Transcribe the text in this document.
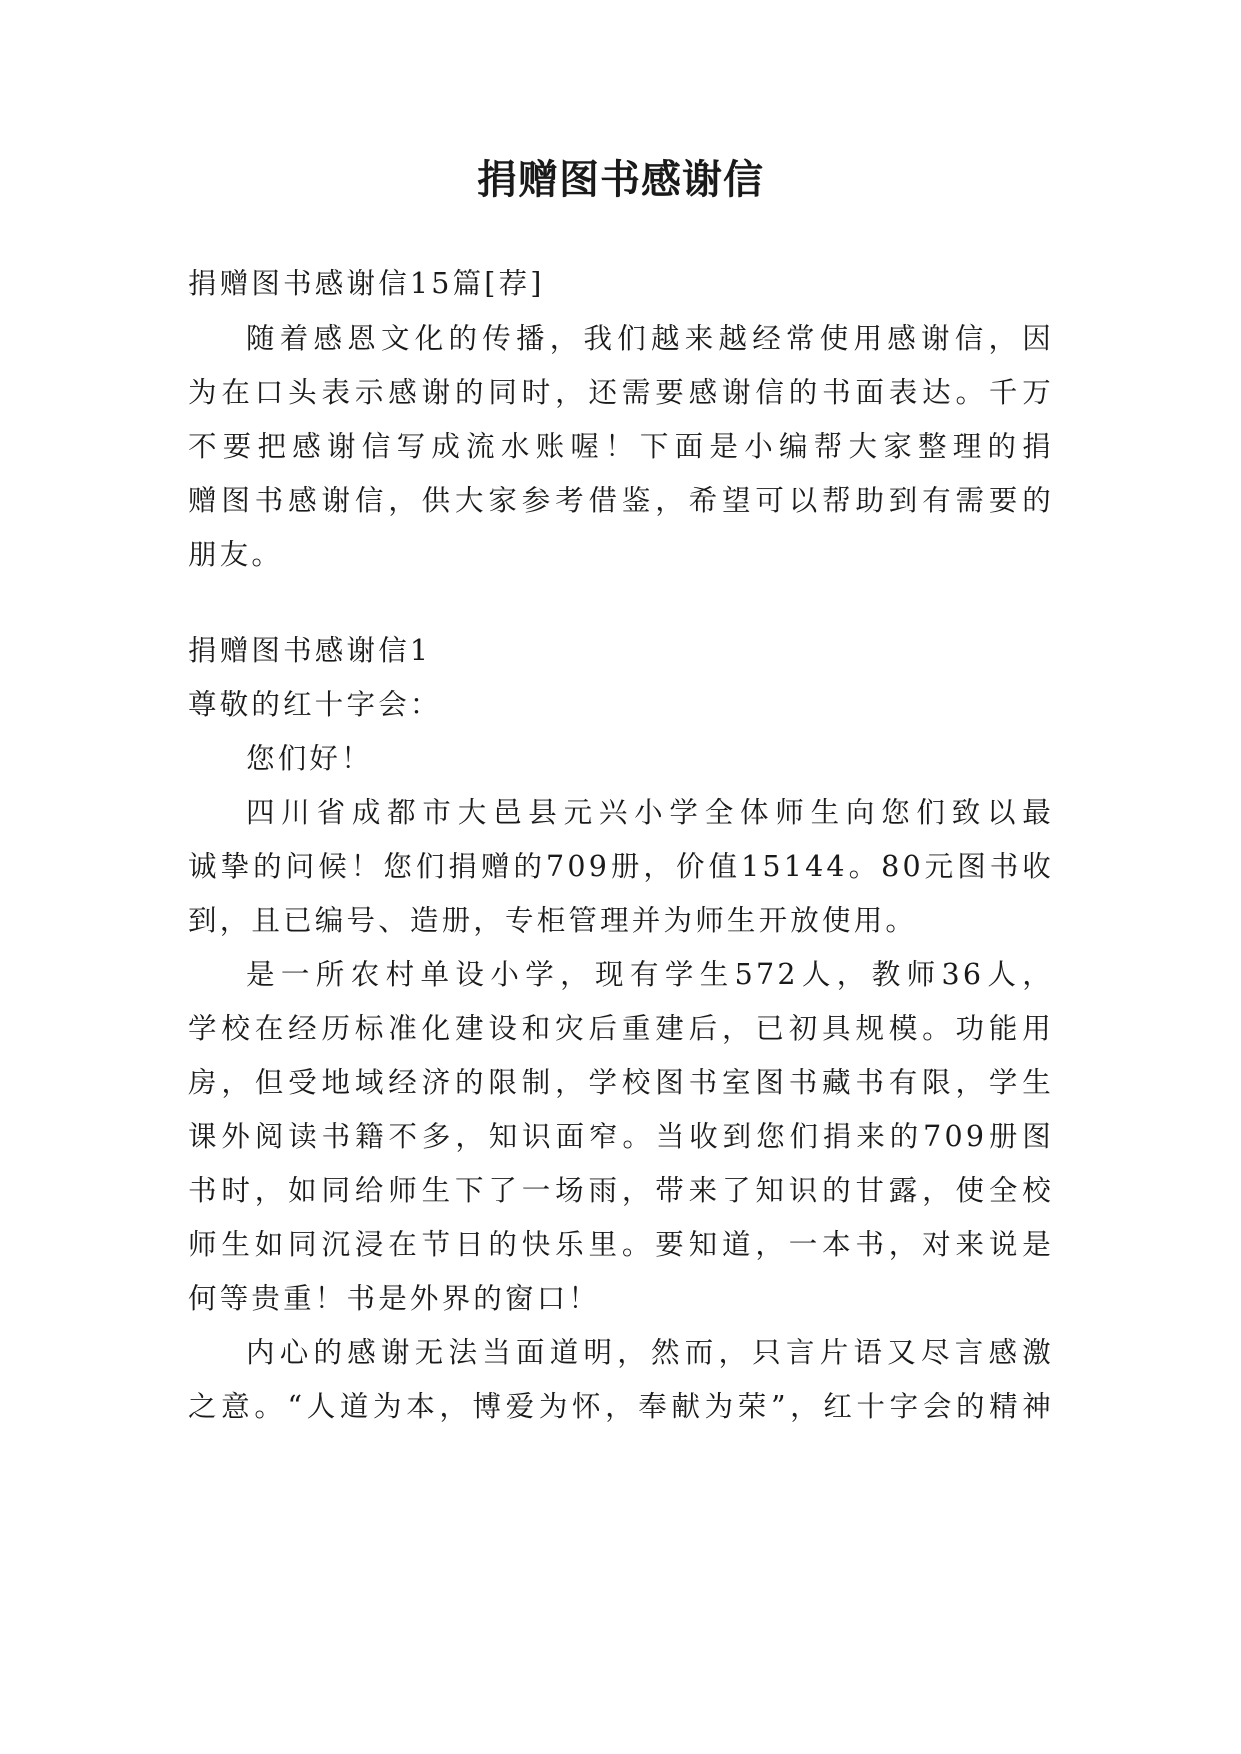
捐赠图书感谢信
捐赠图书感谢信15篇[荐]
随着感恩文化的传播，我们越来越经常使用感谢信，因
为在口头表示感谢的同时，还需要感谢信的书面表达。千万
不要把感谢信写成流水账喔！下面是小编帮大家整理的捐
赠图书感谢信，供大家参考借鉴，希望可以帮助到有需要的
朋友。
捐赠图书感谢信1
尊敬的红十字会：
您们好！
四川省成都市大邑县元兴小学全体师生向您们致以最
诚挚的问候！您们捐赠的709册，价值15144。80元图书收
到，且已编号、造册，专柜管理并为师生开放使用。
是一所农村单设小学，现有学生572人，教师36人，
学校在经历标准化建设和灾后重建后，已初具规模。功能用
房，但受地域经济的限制，学校图书室图书藏书有限，学生
课外阅读书籍不多，知识面窄。当收到您们捐来的709册图
书时，如同给师生下了一场雨，带来了知识的甘露，使全校
师生如同沉浸在节日的快乐里。要知道，一本书，对来说是
何等贵重！书是外界的窗口！
内心的感谢无法当面道明，然而，只言片语又尽言感激
之意。“人道为本，博爱为怀，奉献为荣”，红十字会的精神
